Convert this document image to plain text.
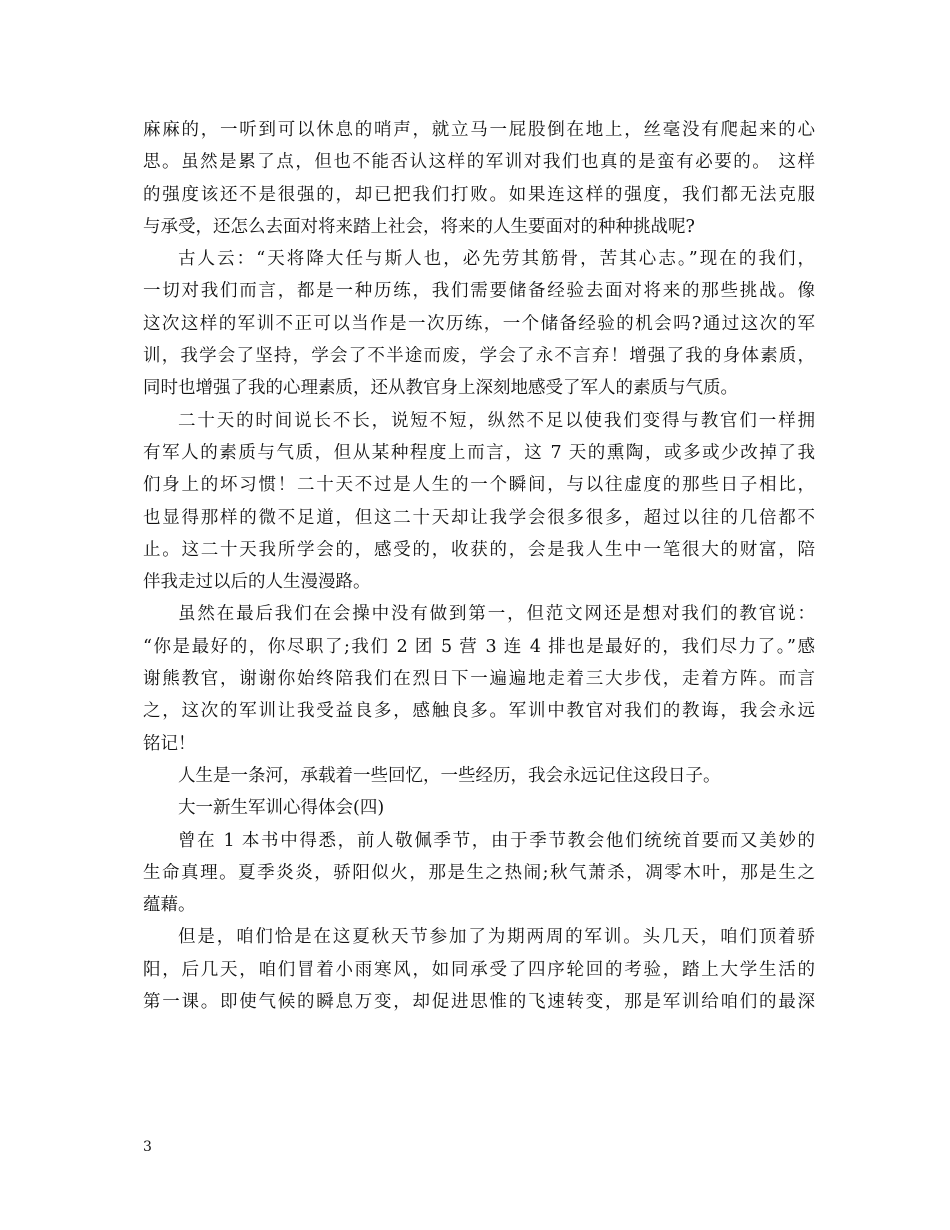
麻麻的，一听到可以休息的哨声，就立马一屁股倒在地上，丝毫没有爬起来的心
思。虽然是累了点，但也不能否认这样的军训对我们也真的是蛮有必要的。 这样
的强度该还不是很强的，却已把我们打败。如果连这样的强度，我们都无法克服
与承受，还怎么去面对将来踏上社会，将来的人生要面对的种种挑战呢?
古人云：“天将降大任与斯人也，必先劳其筋骨，苦其心志。”现在的我们，
一切对我们而言，都是一种历练，我们需要储备经验去面对将来的那些挑战。像
这次这样的军训不正可以当作是一次历练，一个储备经验的机会吗?通过这次的军
训，我学会了坚持，学会了不半途而废，学会了永不言弃！增强了我的身体素质，
同时也增强了我的心理素质，还从教官身上深刻地感受了军人的素质与气质。
二十天的时间说长不长，说短不短，纵然不足以使我们变得与教官们一样拥
有军人的素质与气质，但从某种程度上而言，这 7 天的熏陶，或多或少改掉了我
们身上的坏习惯！二十天不过是人生的一个瞬间，与以往虚度的那些日子相比，
也显得那样的微不足道，但这二十天却让我学会很多很多，超过以往的几倍都不
止。这二十天我所学会的，感受的，收获的，会是我人生中一笔很大的财富，陪
伴我走过以后的人生漫漫路。
虽然在最后我们在会操中没有做到第一，但范文网还是想对我们的教官说：
“你是最好的，你尽职了;我们 2 团 5 营 3 连 4 排也是最好的，我们尽力了。”感
谢熊教官，谢谢你始终陪我们在烈日下一遍遍地走着三大步伐，走着方阵。而言
之，这次的军训让我受益良多，感触良多。军训中教官对我们的教诲，我会永远
铭记！
人生是一条河，承载着一些回忆，一些经历，我会永远记住这段日子。
大一新生军训心得体会(四)
曾在 1 本书中得悉，前人敬佩季节，由于季节教会他们统统首要而又美妙的
生命真理。夏季炎炎，骄阳似火，那是生之热闹;秋气萧杀，凋零木叶，那是生之
蕴藉。
但是，咱们恰是在这夏秋天节参加了为期两周的军训。头几天，咱们顶着骄
阳，后几天，咱们冒着小雨寒风，如同承受了四序轮回的考验，踏上大学生活的
第一课。即使气候的瞬息万变，却促进思惟的飞速转变，那是军训给咱们的最深
3
